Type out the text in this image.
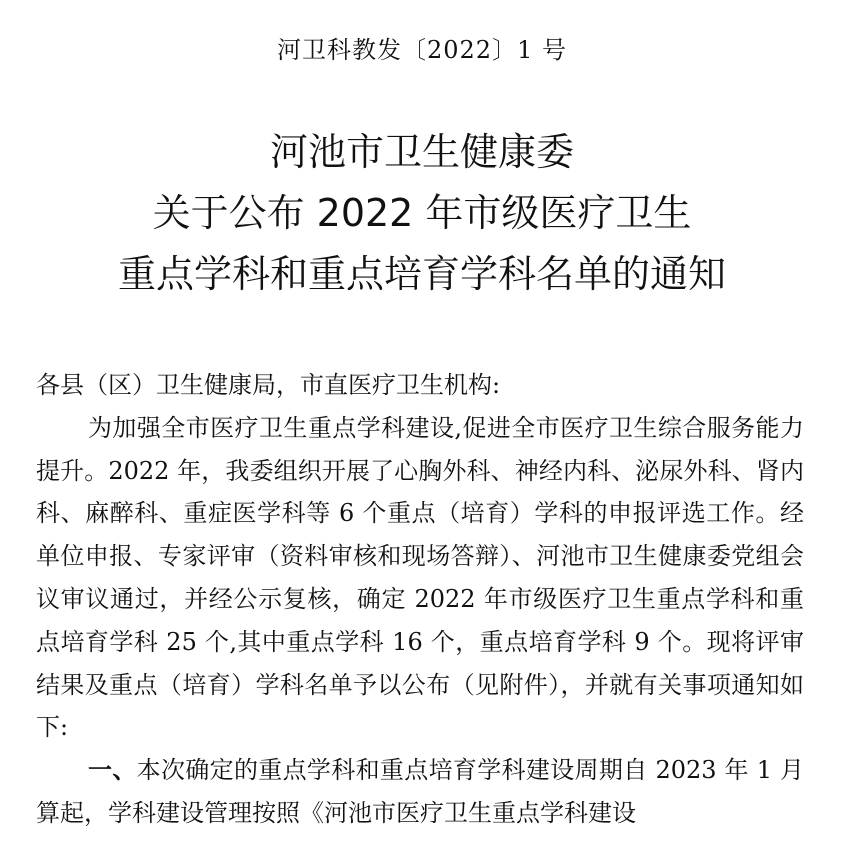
河卫科教发〔2022〕1 号
河池市卫生健康委
关于公布 2022 年市级医疗卫生
重点学科和重点培育学科名单的通知

各县（区）卫生健康局，市直医疗卫生机构:

为加强全市医疗卫生重点学科建设,促进全市医疗卫生综合服务能力提升。2022 年，我委组织开展了心胸外科、神经内科、泌尿外科、肾内科、麻醉科、重症医学科等 6 个重点（培育）学科的申报评选工作。经单位申报、专家评审（资料审核和现场答辩）、河池市卫生健康委党组会议审议通过，并经公示复核，确定 2022 年市级医疗卫生重点学科和重点培育学科 25 个,其中重点学科 16 个，重点培育学科 9 个。现将评审结果及重点（培育）学科名单予以公布（见附件），并就有关事项通知如下:

一、本次确定的重点学科和重点培育学科建设周期自 2023 年 1 月算起，学科建设管理按照《河池市医疗卫生重点学科建设
